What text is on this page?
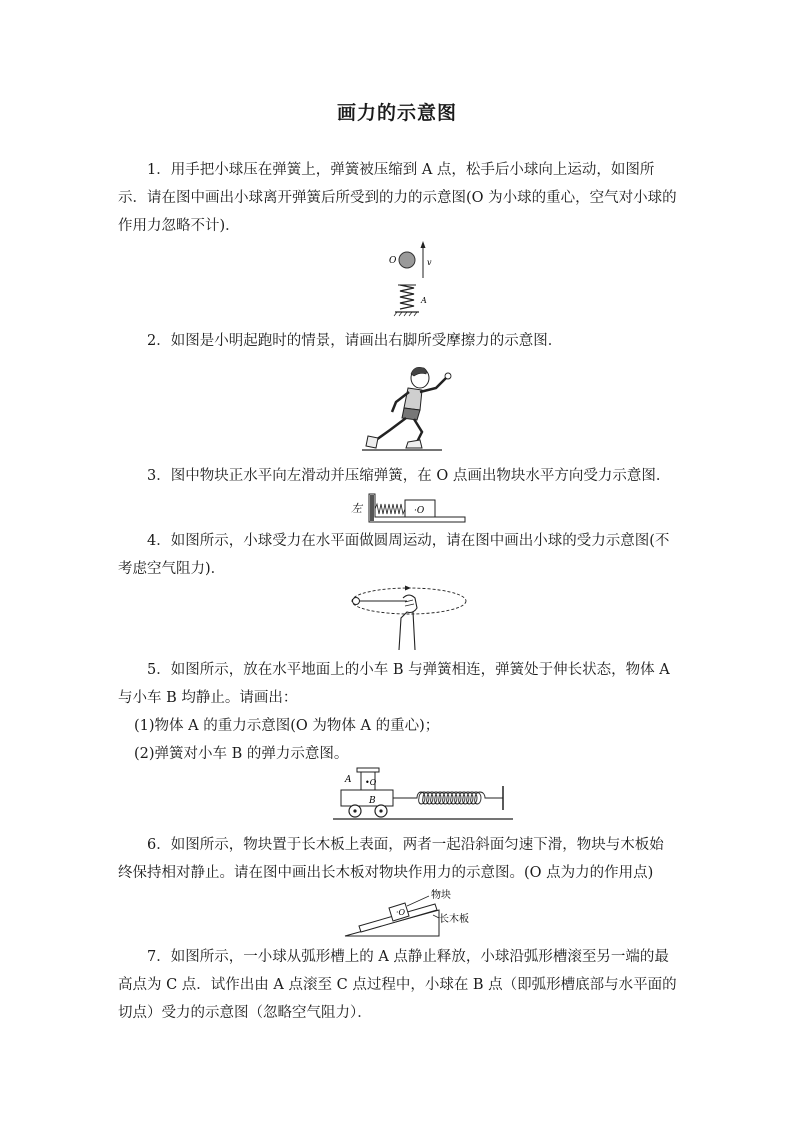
画力的示意图
1．用手把小球压在弹簧上，弹簧被压缩到 A 点，松手后小球向上运动，如图所示．请在图中画出小球离开弹簧后所受到的力的示意图(O 为小球的重心，空气对小球的作用力忽略不计)．
O	v
A
2．如图是小明起跑时的情景，请画出右脚所受摩擦力的示意图．
3．图中物块正水平向左滑动并压缩弹簧，在 O 点画出物块水平方向受力示意图．
左	·O
4．如图所示，小球受力在水平面做圆周运动，请在图中画出小球的受力示意图(不考虑空气阻力)．
5．如图所示，放在水平地面上的小车 B 与弹簧相连，弹簧处于伸长状态，物体 A 与小车 B 均静止。请画出：
(1)物体 A 的重力示意图(O 为物体 A 的重心)；
(2)弹簧对小车 B 的弹力示意图。
A •O
B
6．如图所示，物块置于长木板上表面，两者一起沿斜面匀速下滑，物块与木板始终保持相对静止。请在图中画出长木板对物块作用力的示意图。(O 点为力的作用点)
·O
物块
长木板
7．如图所示，一小球从弧形槽上的 A 点静止释放，小球沿弧形槽滚至另一端的最高点为 C 点．试作出由 A 点滚至 C 点过程中，小球在 B 点（即弧形槽底部与水平面的切点）受力的示意图（忽略空气阻力）．
